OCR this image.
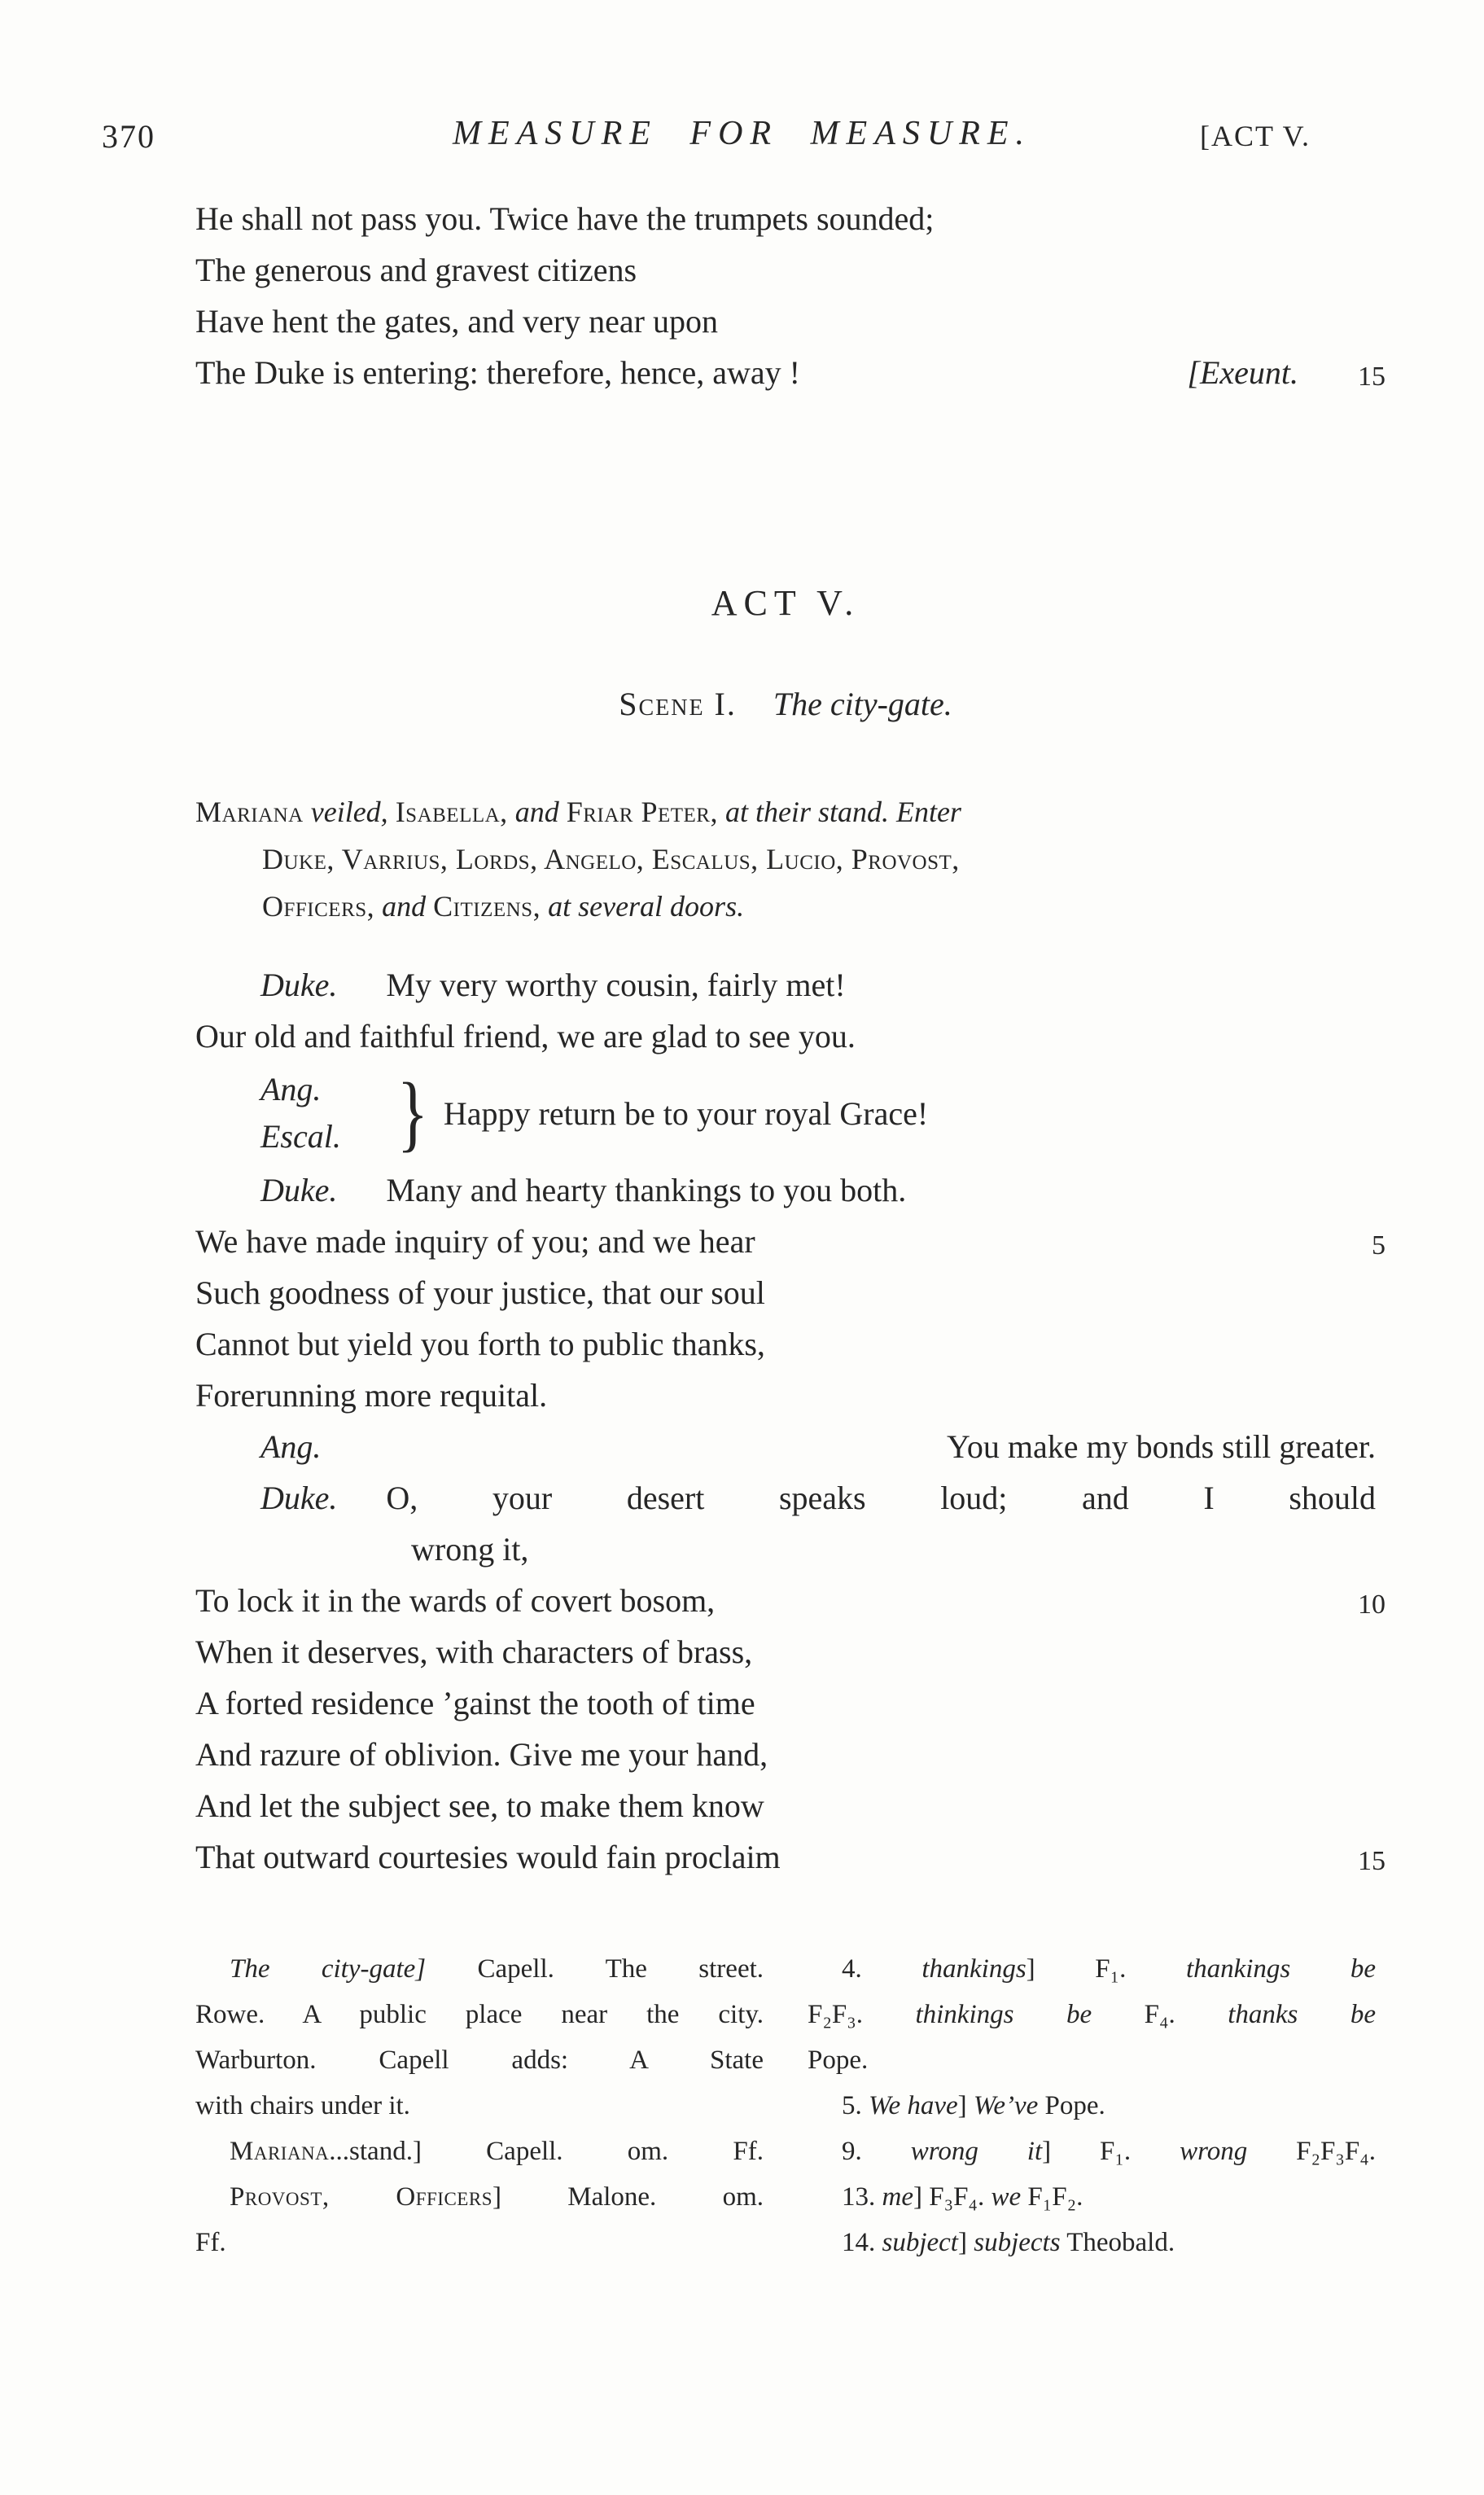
370	MEASURE FOR MEASURE.	[ACT V.
He shall not pass you. Twice have the trumpets sounded;
The generous and gravest citizens
Have hent the gates, and very near upon
The Duke is entering: therefore, hence, away !	[Exeunt. 15
ACT V.
Scene I. The city-gate.

Mariana veiled, Isabella, and Friar Peter, at their stand. Enter
Duke, Varrius, Lords, Angelo, Escalus, Lucio, Provost,
Officers, and Citizens, at several doors.

Duke. My very worthy cousin, fairly met!
Our old and faithful friend, we are glad to see you.
Ang.
Escal. } Happy return be to your royal Grace!
Duke. Many and hearty thankings to you both.
We have made inquiry of you; and we hear	5
Such goodness of your justice, that our soul
Cannot but yield you forth to public thanks,
Forerunning more requital.
Ang.	You make my bonds still greater.
Duke. O, your desert speaks loud; and I should
wrong it,
To lock it in the wards of covert bosom,	10
When it deserves, with characters of brass,
A forted residence ’gainst the tooth of time
And razure of oblivion. Give me your hand,
And let the subject see, to make them know
That outward courtesies would fain proclaim	15
The city-gate] Capell. The street.
Rowe. A public place near the city.
Warburton. Capell adds: A State
with chairs under it.
Mariana...stand.] Capell. om. Ff.
Provost, Officers] Malone. om.
Ff.
4. thankings] F₁. thankings be
F₂F₃. thinkings be F₄. thanks be
Pope.
5. We have] We’ve Pope.
9. wrong it] F₁. wrong F₂F₃F₄.
13. me] F₃F₄. we F₁F₂.
14. subject] subjects Theobald.
